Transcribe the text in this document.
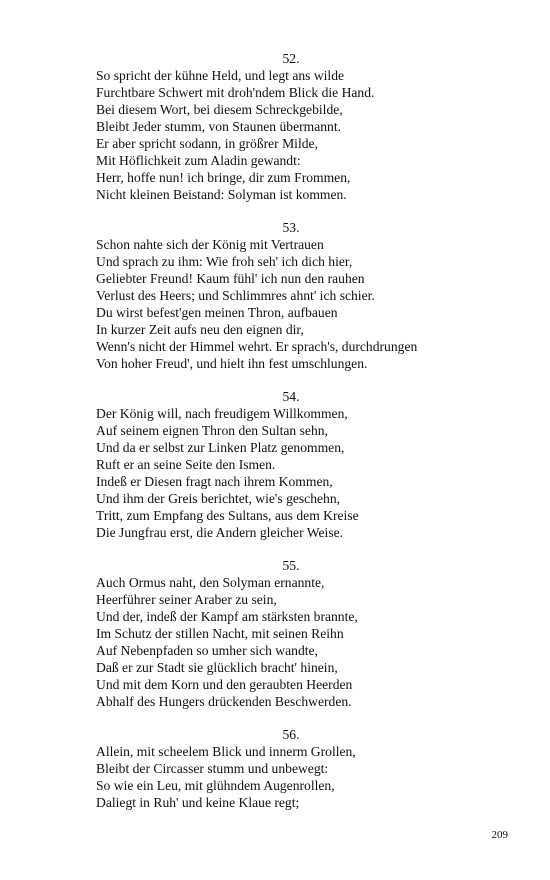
52.
So spricht der kühne Held, und legt ans wilde
Furchtbare Schwert mit droh'ndem Blick die Hand.
Bei diesem Wort, bei diesem Schreckgebilde,
Bleibt Jeder stumm, von Staunen übermannt.
Er aber spricht sodann, in größrer Milde,
Mit Höflichkeit zum Aladin gewandt:
Herr, hoffe nun! ich bringe, dir zum Frommen,
Nicht kleinen Beistand: Solyman ist kommen.
53.
Schon nahte sich der König mit Vertrauen
Und sprach zu ihm: Wie froh seh' ich dich hier,
Geliebter Freund! Kaum fühl' ich nun den rauhen
Verlust des Heers; und Schlimmres ahnt' ich schier.
Du wirst befest'gen meinen Thron, aufbauen
In kurzer Zeit aufs neu den eignen dir,
Wenn's nicht der Himmel wehrt. Er sprach's, durchdrungen
Von hoher Freud', und hielt ihn fest umschlungen.
54.
Der König will, nach freudigem Willkommen,
Auf seinem eignen Thron den Sultan sehn,
Und da er selbst zur Linken Platz genommen,
Ruft er an seine Seite den Ismen.
Indeß er Diesen fragt nach ihrem Kommen,
Und ihm der Greis berichtet, wie's geschehn,
Tritt, zum Empfang des Sultans, aus dem Kreise
Die Jungfrau erst, die Andern gleicher Weise.
55.
Auch Ormus naht, den Solyman ernannte,
Heerführer seiner Araber zu sein,
Und der, indeß der Kampf am stärksten brannte,
Im Schutz der stillen Nacht, mit seinen Reihn
Auf Nebenpfaden so umher sich wandte,
Daß er zur Stadt sie glücklich bracht' hinein,
Und mit dem Korn und den geraubten Heerden
Abhalf des Hungers drückenden Beschwerden.
56.
Allein, mit scheelem Blick und innerm Grollen,
Bleibt der Circasser stumm und unbewegt:
So wie ein Leu, mit glühndem Augenrollen,
Daliegt in Ruh' und keine Klaue regt;
209
